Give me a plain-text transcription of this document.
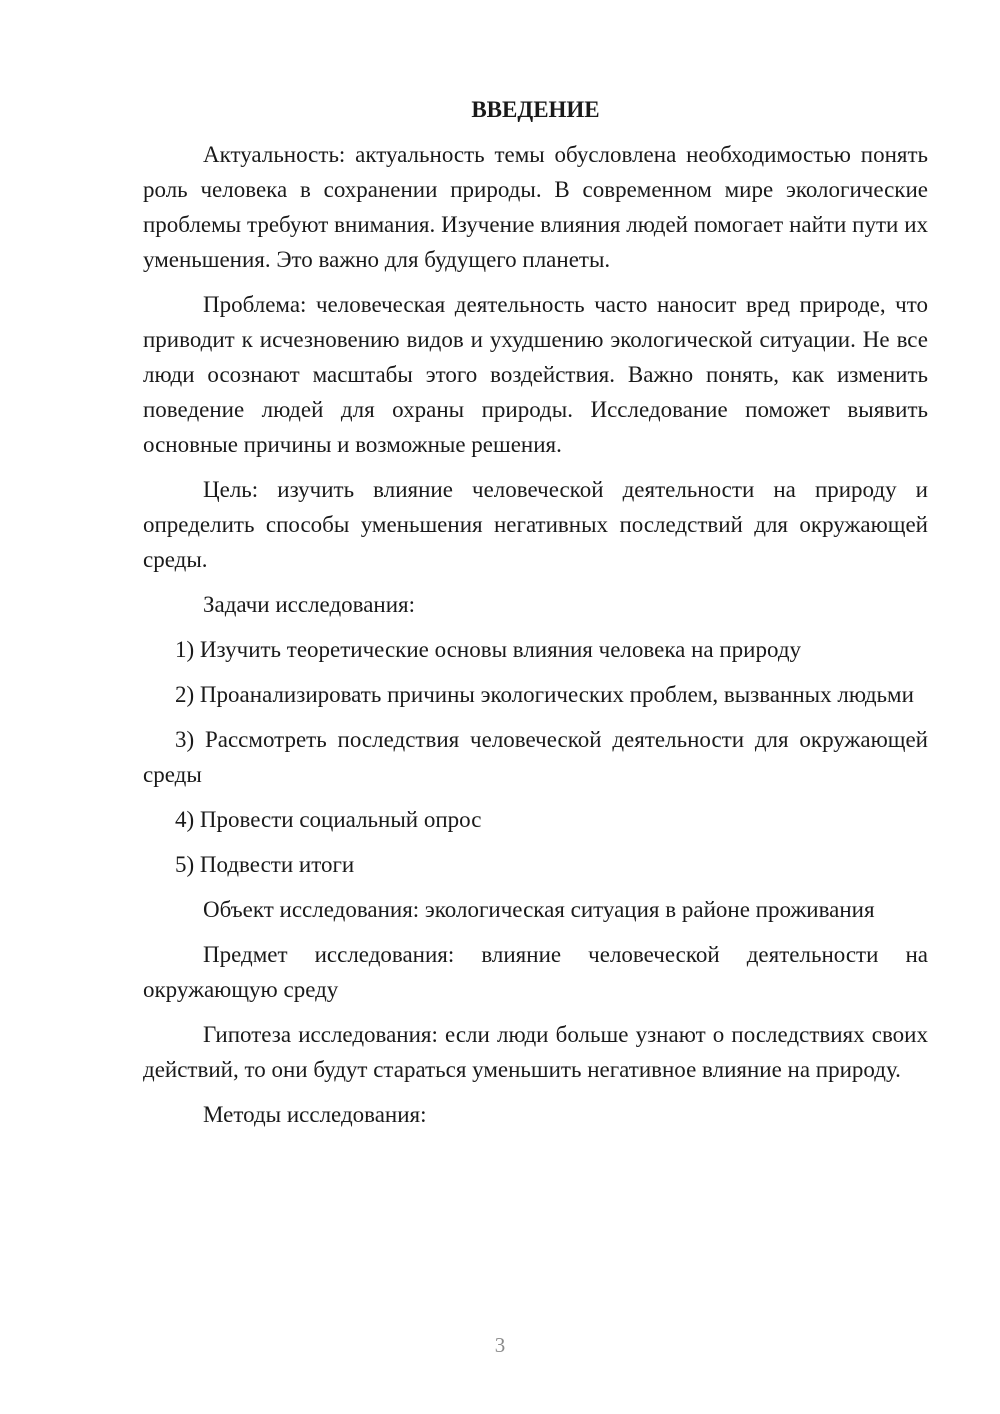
ВВЕДЕНИЕ

Актуальность: актуальность темы обусловлена необходимостью понять роль человека в сохранении природы. В современном мире экологические проблемы требуют внимания. Изучение влияния людей помогает найти пути их уменьшения. Это важно для будущего планеты.

Проблема: человеческая деятельность часто наносит вред природе, что приводит к исчезновению видов и ухудшению экологической ситуации. Не все люди осознают масштабы этого воздействия. Важно понять, как изменить поведение людей для охраны природы. Исследование поможет выявить основные причины и возможные решения.

Цель: изучить влияние человеческой деятельности на природу и определить способы уменьшения негативных последствий для окружающей среды.

Задачи исследования:

1) Изучить теоретические основы влияния человека на природу

2) Проанализировать причины экологических проблем, вызванных людьми

3) Рассмотреть последствия человеческой деятельности для окружающей среды

4) Провести социальный опрос

5) Подвести итоги

Объект исследования: экологическая ситуация в районе проживания

Предмет исследования: влияние человеческой деятельности на окружающую среду

Гипотеза исследования: если люди больше узнают о последствиях своих действий, то они будут стараться уменьшить негативное влияние на природу.

Методы исследования:

3
